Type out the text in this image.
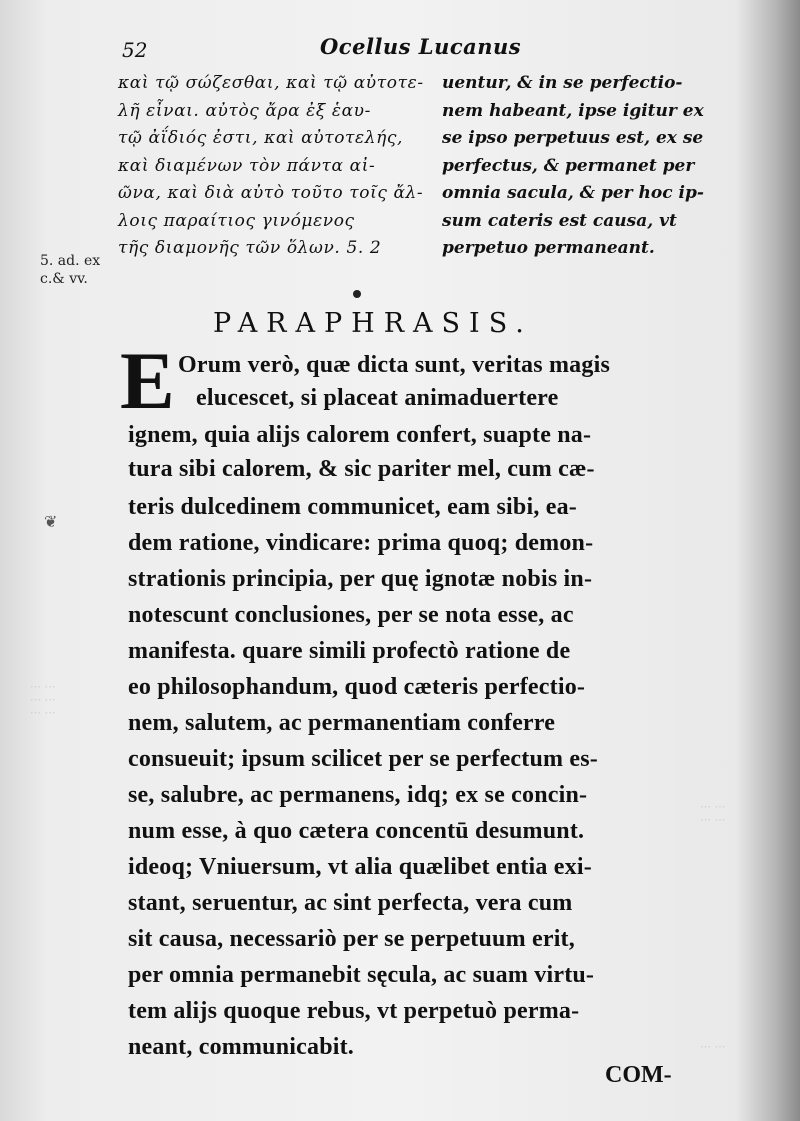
⋯ ⋯
⋯ ⋯
⋯ ⋯
⋯ ⋯
⋯ ⋯
⋯ ⋯
❦
52	Ocellus Lucanus
καὶ τῷ σώζεσθαι, καὶ τῷ αὐτοτε-
λῆ εἶναι. αὐτὸς ἄρα ἐξ ἑαυ-
τῷ ἀΐδιός ἐστι, καὶ αὐτοτελής,
καὶ διαμένων τὸν πάντα αἰ-
ῶνα, καὶ διὰ αὐτὸ τοῦτο τοῖς ἄλ-
λοις παραίτιος γινόμενος
τῆς διαμονῆς τῶν ὅλων. 5. 2
uentur, & in se perfectio-
nem habeant, ipse igitur ex
se ipso perpetuus est, ex se
perfectus, & permanet per
omnia sacula, & per hoc ip-
sum cateris est causa, vt
perpetuo permaneant.
5. ad. ex
c.& vv.
PARAPHRASIS.
E Orum verò, quæ dicta sunt, veritas magis
elucescet, si placeat animaduertere
ignem, quia alijs calorem confert, suapte na-
tura sibi calorem, & sic pariter mel, cum cæ-
teris dulcedinem communicet, eam sibi, ea-
dem ratione, vindicare: prima quoq; demon-
strationis principia, per quę ignotæ nobis in-
notescunt conclusiones, per se nota esse, ac
manifesta. quare simili profectò ratione de
eo philosophandum, quod cæteris perfectio-
nem, salutem, ac permanentiam conferre
consueuit; ipsum scilicet per se perfectum es-
se, salubre, ac permanens, idq; ex se concin-
num esse, à quo cætera concentū desumunt.
ideoq; Vniuersum, vt alia quælibet entia exi-
stant, seruentur, ac sint perfecta, vera cum
sit causa, necessariò per se perpetuum erit,
per omnia permanebit sęcula, ac suam virtu-
tem alijs quoque rebus, vt perpetuò perma-
neant, communicabit.
COM-
